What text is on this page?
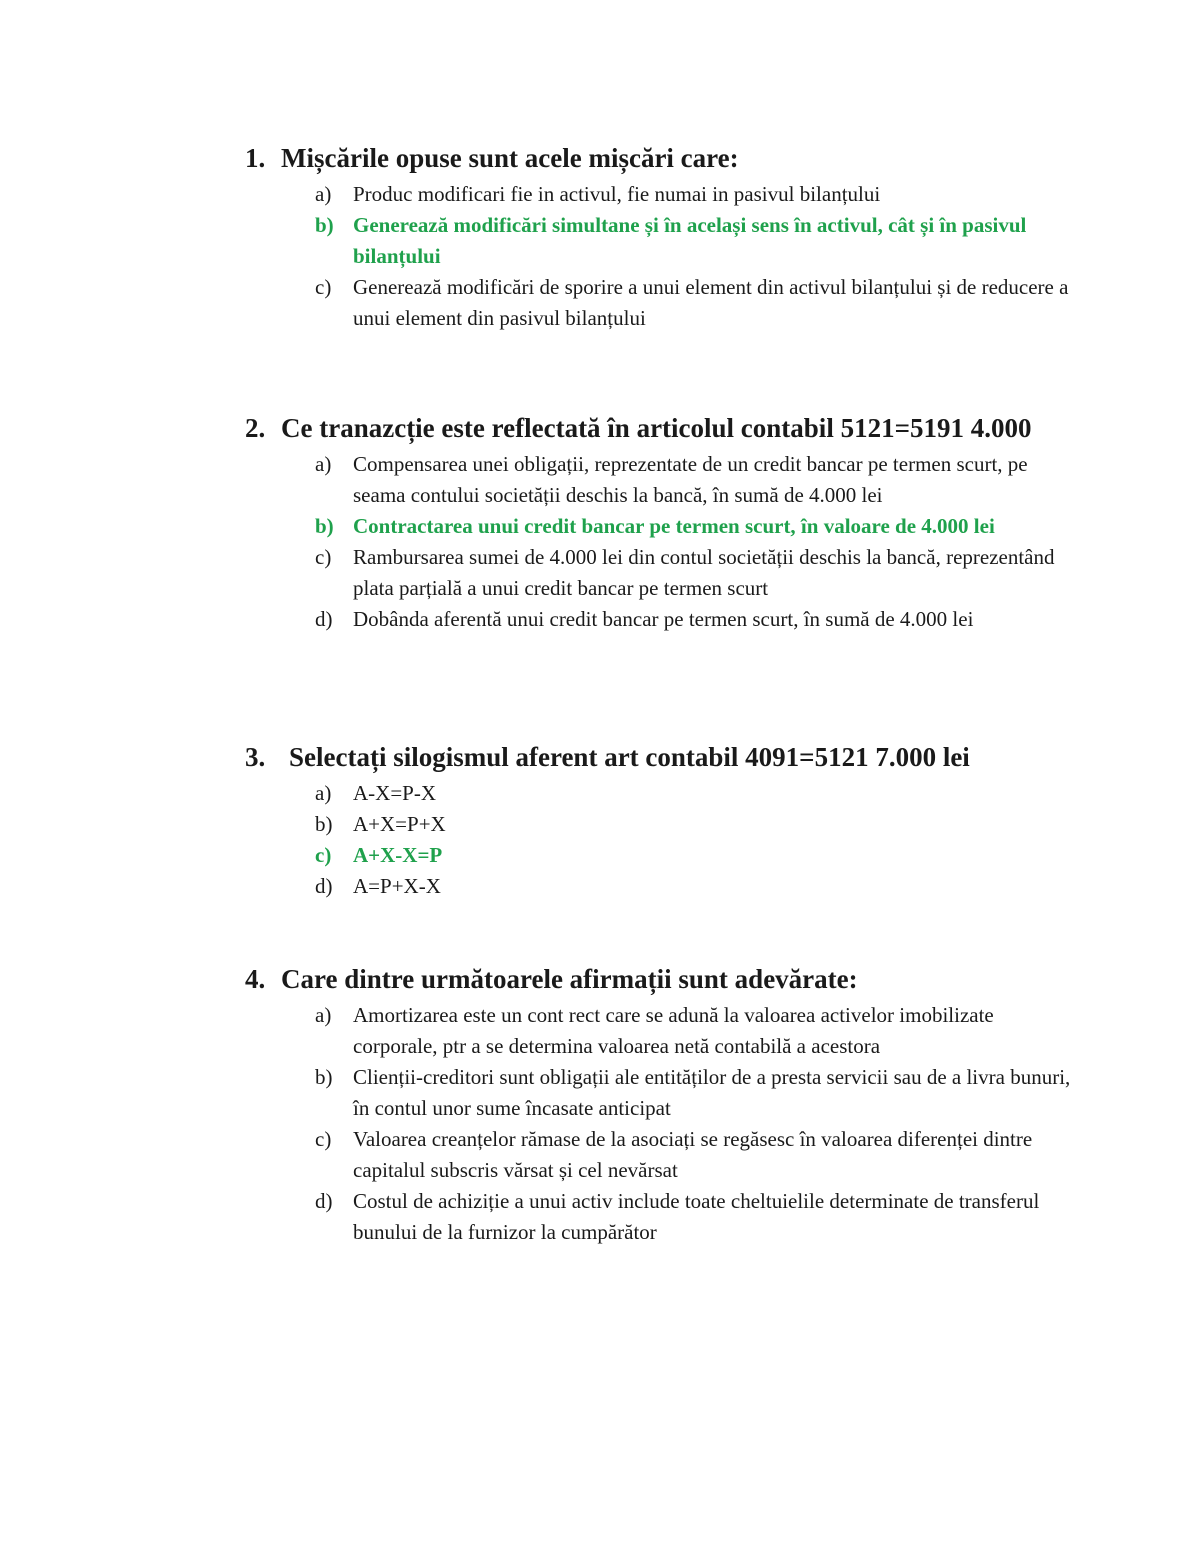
1. Mișcările opuse sunt acele mișcări care:
a)	Produc modificari fie in activul, fie numai in pasivul bilanțului
b) Generează modificări simultane și în același sens în activul, cât și în pasivul bilanțului
c)	Generează modificări de sporire a unui element din activul bilanțului și de reducere a unui element din pasivul bilanțului
2. Ce tranazcție este reflectată în articolul contabil 5121=5191 4.000
a)	Compensarea unei obligații, reprezentate de un credit bancar pe termen scurt, pe seama contului societății deschis la bancă, în sumă de 4.000 lei
b) Contractarea unui credit bancar pe termen scurt, în valoare de 4.000 lei
c)	Rambursarea sumei de 4.000 lei din contul societății deschis la bancă, reprezentând plata parțială a unui credit bancar pe termen scurt
d) Dobânda aferentă unui credit bancar pe termen scurt, în sumă de 4.000 lei
3. Selectați silogismul aferent art contabil 4091=5121 7.000 lei
a)	A-X=P-X
b) A+X=P+X
c)	A+X-X=P
d) A=P+X-X
4. Care dintre următoarele afirmații sunt adevărate:
a)	Amortizarea este un cont rect care se adună la valoarea activelor imobilizate corporale, ptr a se determina valoarea netă contabilă a acestora
b) Clienții-creditori sunt obligații ale entităților de a presta servicii sau de a livra bunuri, în contul unor sume încasate anticipat
c)	Valoarea creanțelor rămase de la asociați se regăsesc în valoarea diferenței dintre capitalul subscris vărsat și cel nevărsat
d) Costul de achiziție a unui activ include toate cheltuielile determinate de transferul bunului de la furnizor la cumpărător
